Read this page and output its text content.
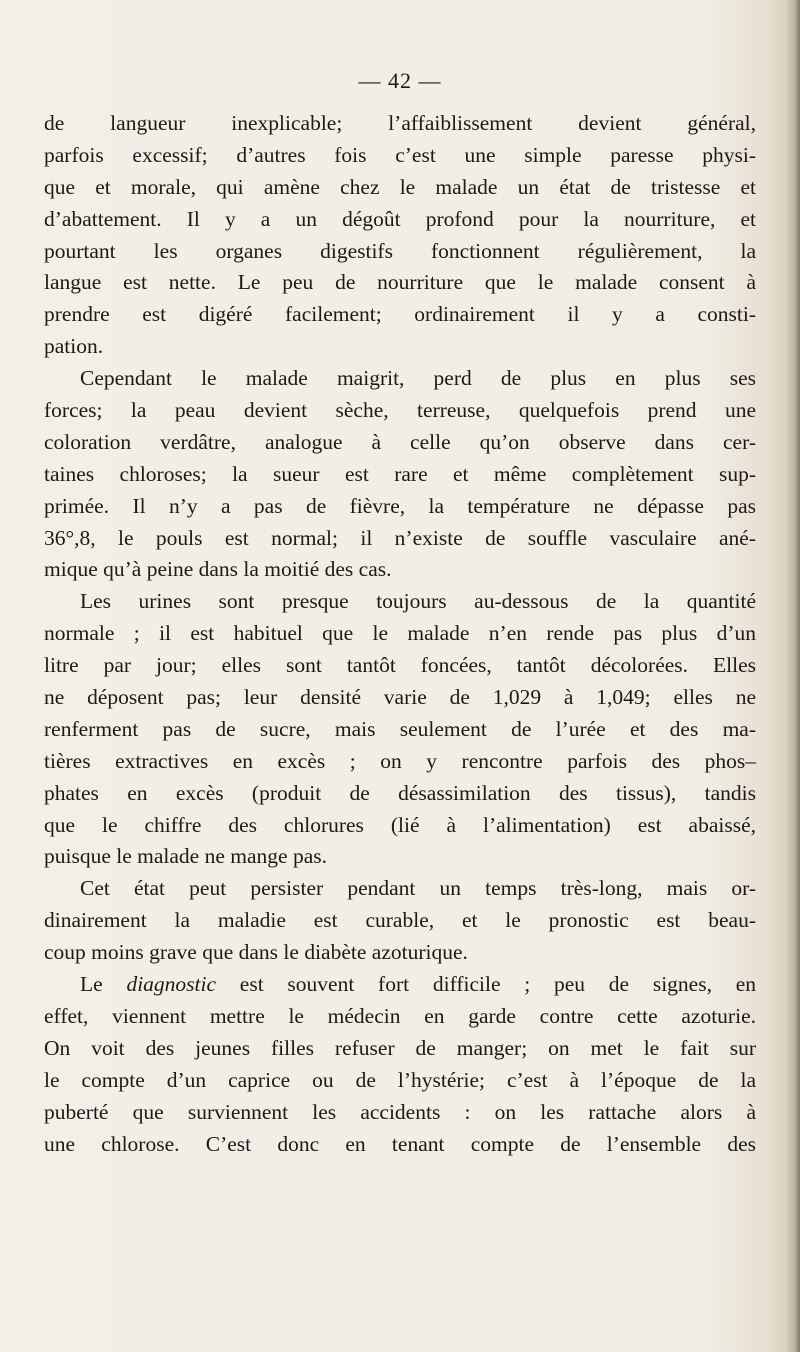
— 42 —
de langueur inexplicable; l’affaiblissement devient général,
parfois excessif; d’autres fois c’est une simple paresse physi-
que et morale, qui amène chez le malade un état de tristesse et
d’abattement. Il y a un dégoût profond pour la nourriture, et
pourtant les organes digestifs fonctionnent régulièrement, la
langue est nette. Le peu de nourriture que le malade consent à
prendre est digéré facilement; ordinairement il y a consti-
pation.
Cependant le malade maigrit, perd de plus en plus ses
forces; la peau devient sèche, terreuse, quelquefois prend une
coloration verdâtre, analogue à celle qu’on observe dans cer-
taines chloroses; la sueur est rare et même complètement sup-
primée. Il n’y a pas de fièvre, la température ne dépasse pas
36°,8, le pouls est normal; il n’existe de souffle vasculaire ané-
mique qu’à peine dans la moitié des cas.
Les urines sont presque toujours au-dessous de la quantité
normale ; il est habituel que le malade n’en rende pas plus d’un
litre par jour; elles sont tantôt foncées, tantôt décolorées. Elles
ne déposent pas; leur densité varie de 1,029 à 1,049; elles ne
renferment pas de sucre, mais seulement de l’urée et des ma-
tières extractives en excès ; on y rencontre parfois des phos–
phates en excès (produit de désassimilation des tissus), tandis
que le chiffre des chlorures (lié à l’alimentation) est abaissé,
puisque le malade ne mange pas.
Cet état peut persister pendant un temps très-long, mais or-
dinairement la maladie est curable, et le pronostic est beau-
coup moins grave que dans le diabète azoturique.
Le diagnostic est souvent fort difficile ; peu de signes, en
effet, viennent mettre le médecin en garde contre cette azoturie.
On voit des jeunes filles refuser de manger; on met le fait sur
le compte d’un caprice ou de l’hystérie; c’est à l’époque de la
puberté que surviennent les accidents : on les rattache alors à
une chlorose. C’est donc en tenant compte de l’ensemble des
